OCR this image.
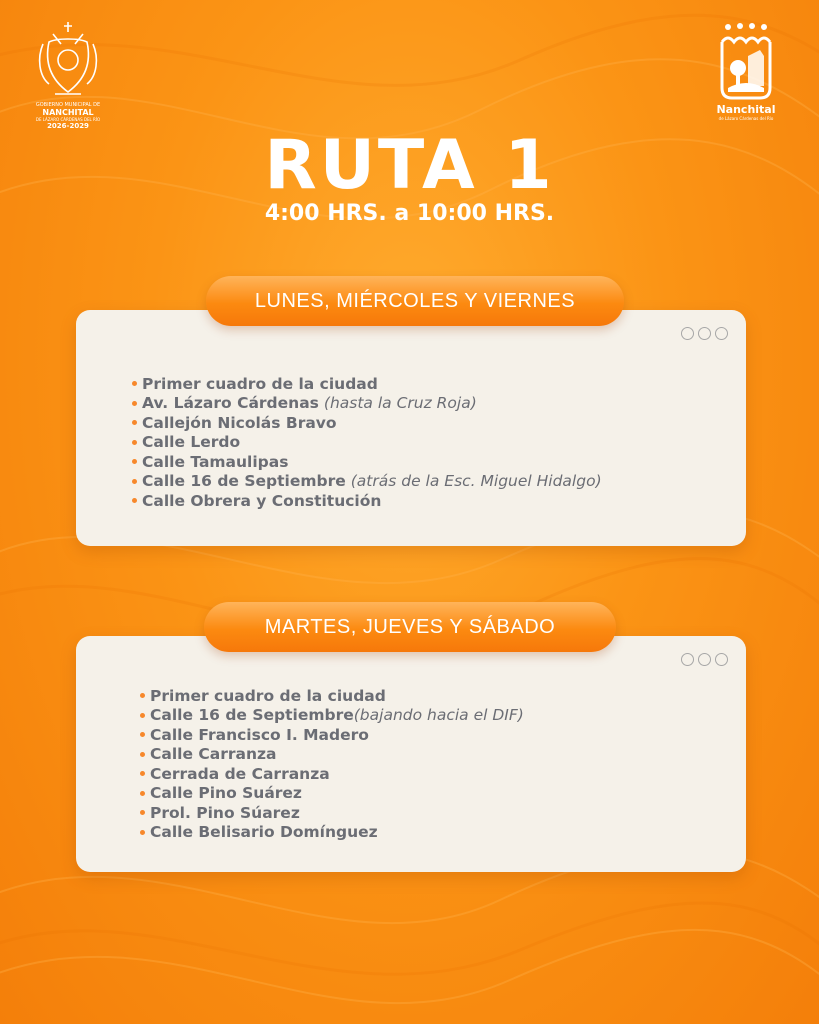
GOBIERNO MUNICIPAL DE
NANCHITAL
DE LÁZARO CÁRDENAS DEL RÍO
2026-2029
Nanchital
de Lázaro Cárdenas del Río
RUTA 1
4:00 HRS. a 10:00 HRS.
LUNES, MIÉRCOLES Y VIERNES
Primer cuadro de la ciudad
Av. Lázaro Cárdenas (hasta la Cruz Roja)
Callejón Nicolás Bravo
Calle Lerdo
Calle Tamaulipas
Calle 16 de Septiembre (atrás de la Esc. Miguel Hidalgo)
Calle Obrera y Constitución
MARTES, JUEVES Y SÁBADO
Primer cuadro de la ciudad
Calle 16 de Septiembre (bajando hacia el DIF)
Calle Francisco I. Madero
Calle Carranza
Cerrada de Carranza
Calle Pino Suárez
Prol. Pino Súarez
Calle Belisario Domínguez
